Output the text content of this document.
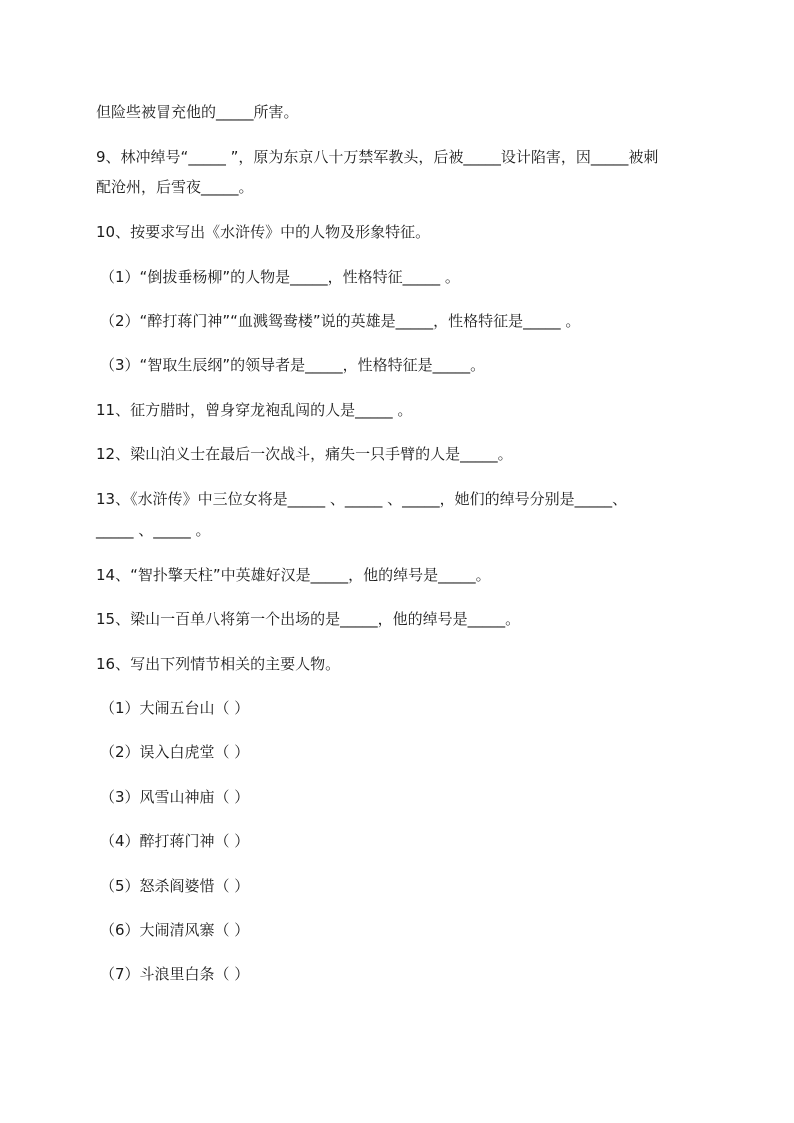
但险些被冒充他的_____所害。
9、林冲绰号“_____ ”，原为东京八十万禁军教头，后被_____设计陷害，因_____被刺
配沧州，后雪夜_____。
10、按要求写出《水浒传》中的人物及形象特征。
（1）“倒拔垂杨柳”的人物是_____，性格特征_____ 。
（2）“醉打蒋门神”“血溅鸳鸯楼”说的英雄是_____，性格特征是_____ 。
（3）“智取生辰纲”的领导者是_____，性格特征是_____。
11、征方腊时，曾身穿龙袍乱闯的人是_____ 。
12、梁山泊义士在最后一次战斗，痛失一只手臂的人是_____。
13、《水浒传》中三位女将是_____ 、_____ 、_____，她们的绰号分别是_____、
_____ 、_____ 。
14、“智扑擎天柱”中英雄好汉是_____，他的绰号是_____。
15、梁山一百单八将第一个出场的是_____，他的绰号是_____。
16、写出下列情节相关的主要人物。
（1）大闹五台山（ ）
（2）误入白虎堂（ ）
（3）风雪山神庙（ ）
（4）醉打蒋门神（ ）
（5）怒杀阎婆惜（ ）
（6）大闹清风寨（ ）
（7）斗浪里白条（ ）
